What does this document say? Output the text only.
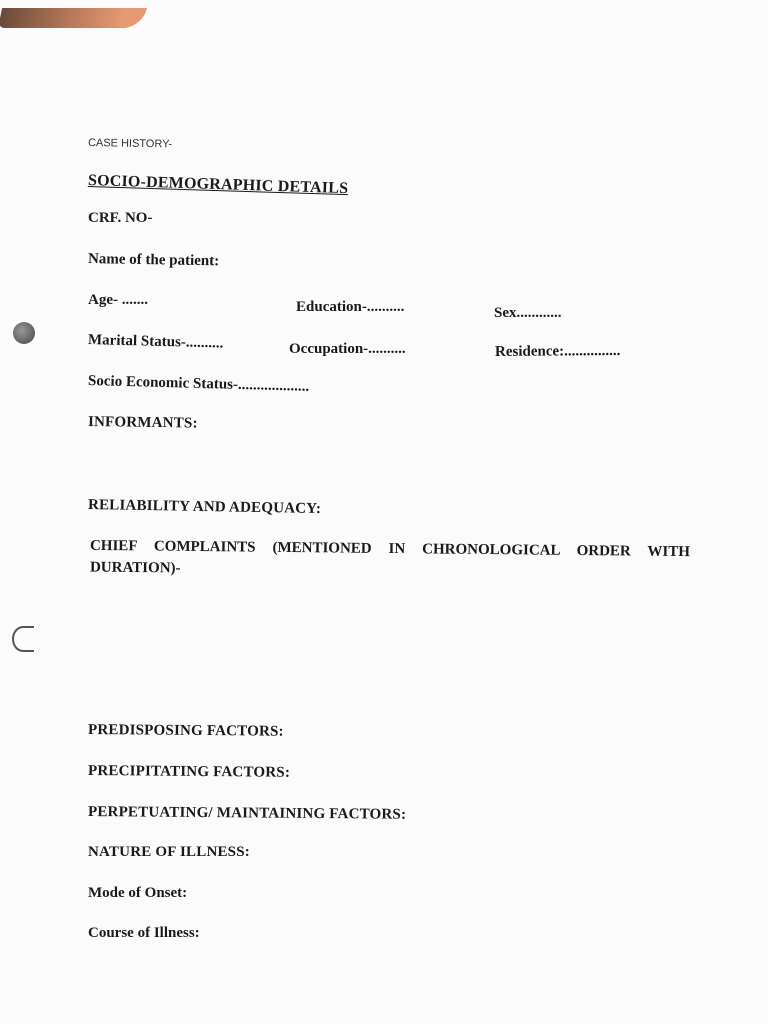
CASE HISTORY-
SOCIO-DEMOGRAPHIC DETAILS
CRF. NO-
Name of the patient:
Age- .......	Education-..........	Sex............
Marital Status-..........	Occupation-..........	Residence:...............
Socio Economic Status-...................
INFORMANTS:
RELIABILITY AND ADEQUACY:
CHIEF COMPLAINTS (MENTIONED IN CHRONOLOGICAL ORDER WITH
DURATION)-
PREDISPOSING FACTORS:
PRECIPITATING FACTORS:
PERPETUATING/ MAINTAINING FACTORS:
NATURE OF ILLNESS:
Mode of Onset:
Course of Illness:
